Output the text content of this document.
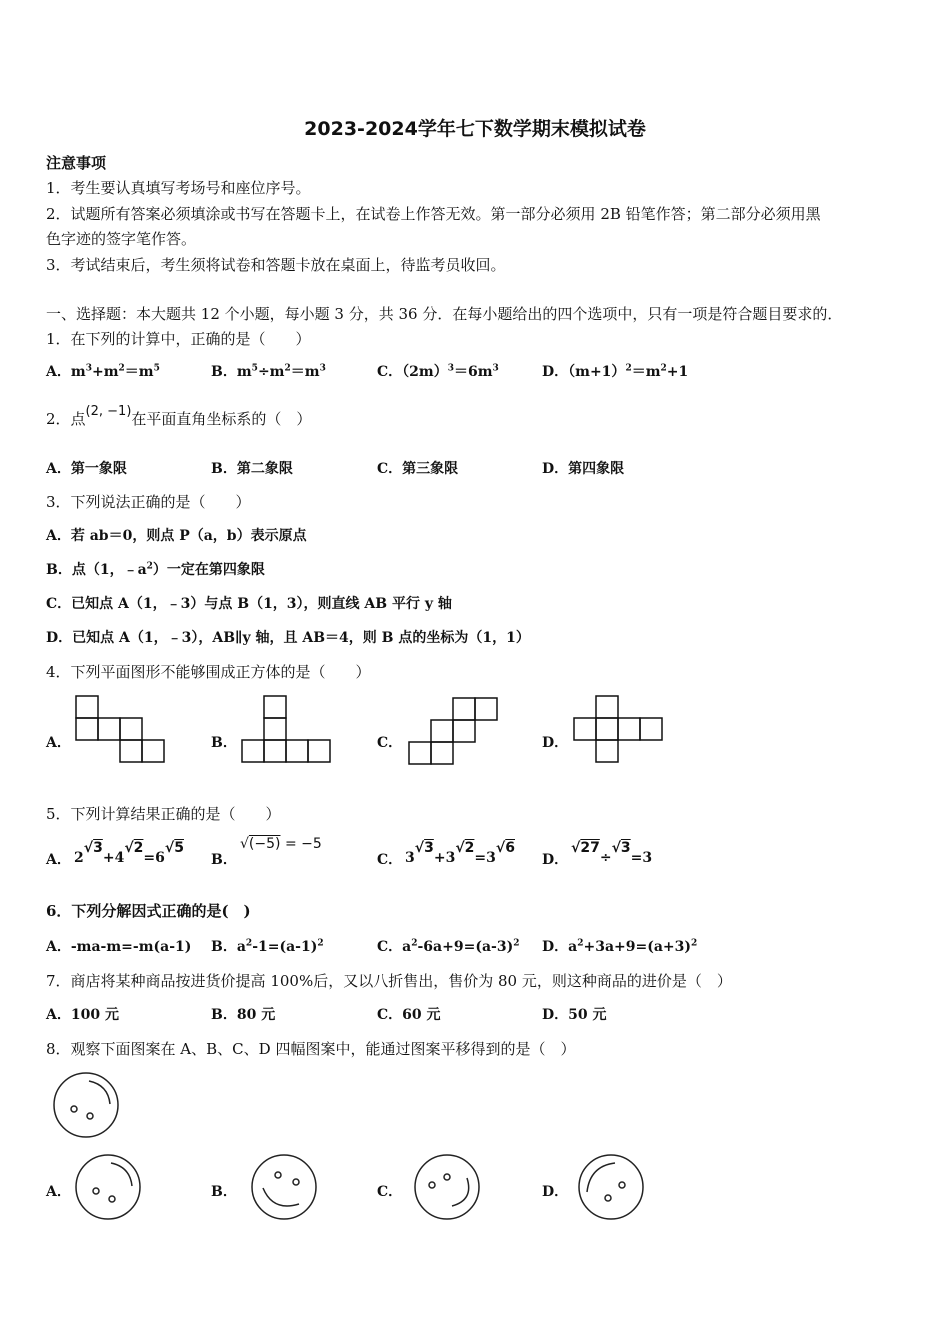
2023-2024学年七下数学期末模拟试卷
注意事项
1．考生要认真填写考场号和座位序号。
2．试题所有答案必须填涂或书写在答题卡上，在试卷上作答无效。第一部分必须用 2B 铅笔作答；第二部分必须用黑
色字迹的签字笔作答。
3．考试结束后，考生须将试卷和答题卡放在桌面上，待监考员收回。
一、选择题：本大题共 12 个小题，每小题 3 分，共 36 分．在每小题给出的四个选项中，只有一项是符合题目要求的．
1．在下列的计算中，正确的是（　　）
A．$m^3+m^2=m^5$	B．$m^5\div m^2=m^3$	C．$(2m)^3=6m^3$	D．$(m+1)^2=m^2+1$
2．点(2, −1)在平面直角坐标系的（　）
A．第一象限	B．第二象限	C．第三象限	D．第四象限
3．下列说法正确的是（　　）
A．若 ab＝0，则点 P（a，b）表示原点
B．点（1，$﹣a^2$）一定在第四象限
C．已知点 A（1，﹣3）与点 B（1，3），则直线 AB 平行 y 轴
D．已知点 A（1，﹣3），AB∥y 轴，且 AB＝4，则 B 点的坐标为（1，1）
4．下列平面图形不能够围成正方体的是（　　）
A．	B．	C．	D．
5．下列计算结果正确的是（　　）
A．	B．	C．	D．
2√3+4√2=6√5	√(−5) = −5
3√3+3√2=3√6	√27÷√3=3
6．下列分解因式正确的是(　)
A．-ma-m=-m(a-1) B．$a^2-1=(a-1)^2$	C．$a^2-6a+9=(a-3)^2$ D．$a^2+3a+9=(a+3)^2$
7．商店将某种商品按进货价提高 100%后，又以八折售出，售价为 80 元，则这种商品的进价是（　）
A．100 元	B．80 元	C．60 元	D．50 元
8．观察下面图案在 A、B、C、D 四幅图案中，能通过图案平移得到的是（　）
A．	B．	C．	D．
